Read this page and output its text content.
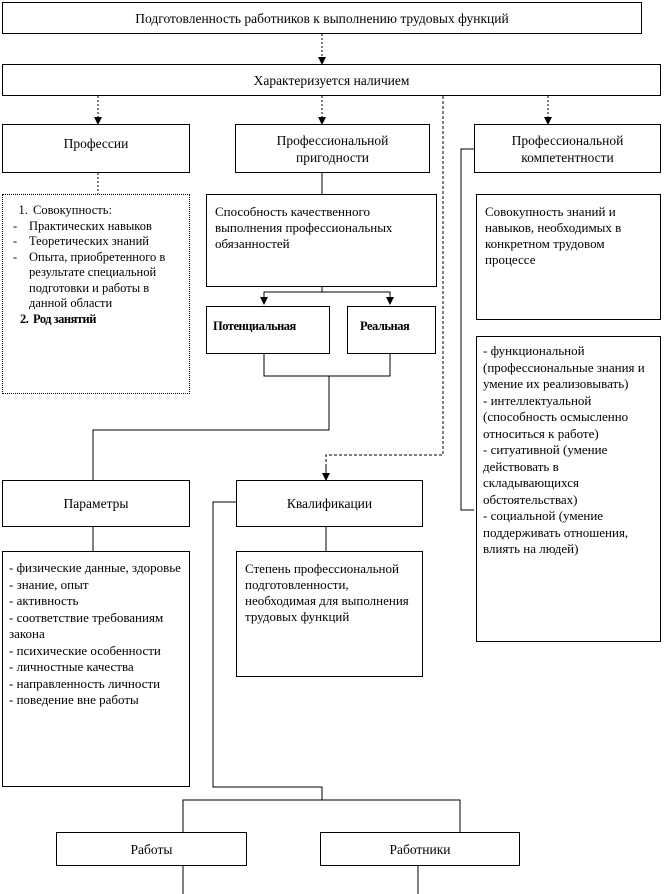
Подготовленность работников к выполнению трудовых функций
Характеризуется наличием
Профессии	Профессиональной
пригодности
Профессиональной
компетентности
1. Совокупность:
- Практических навыков
- Теоретических знаний
- Опыта, приобретенного в результате специальной подготовки и работы в данной области
2. Род занятий
Способность качественного выполнения профессиональных обязанностей
Потенциальная	Реальная
Совокупность знаний и навыков, необходимых в конкретном трудовом процессе
- функциональной (профессиональные знания и умение их реализовывать)
- интеллектуальной (способность осмысленно относиться к работе)
- ситуативной (умение действовать в складывающихся обстоятельствах)
- социальной (умение поддерживать отношения, влиять на людей)
Параметры	Квалификации
- физические данные, здоровье
- знание, опыт
- активность
- соответствие требованиям закона
- психические особенности
- личностные качества
- направленность личности
- поведение вне работы
Степень профессиональной подготовленности, необходимая для выполнения трудовых функций
Работы	Работники
